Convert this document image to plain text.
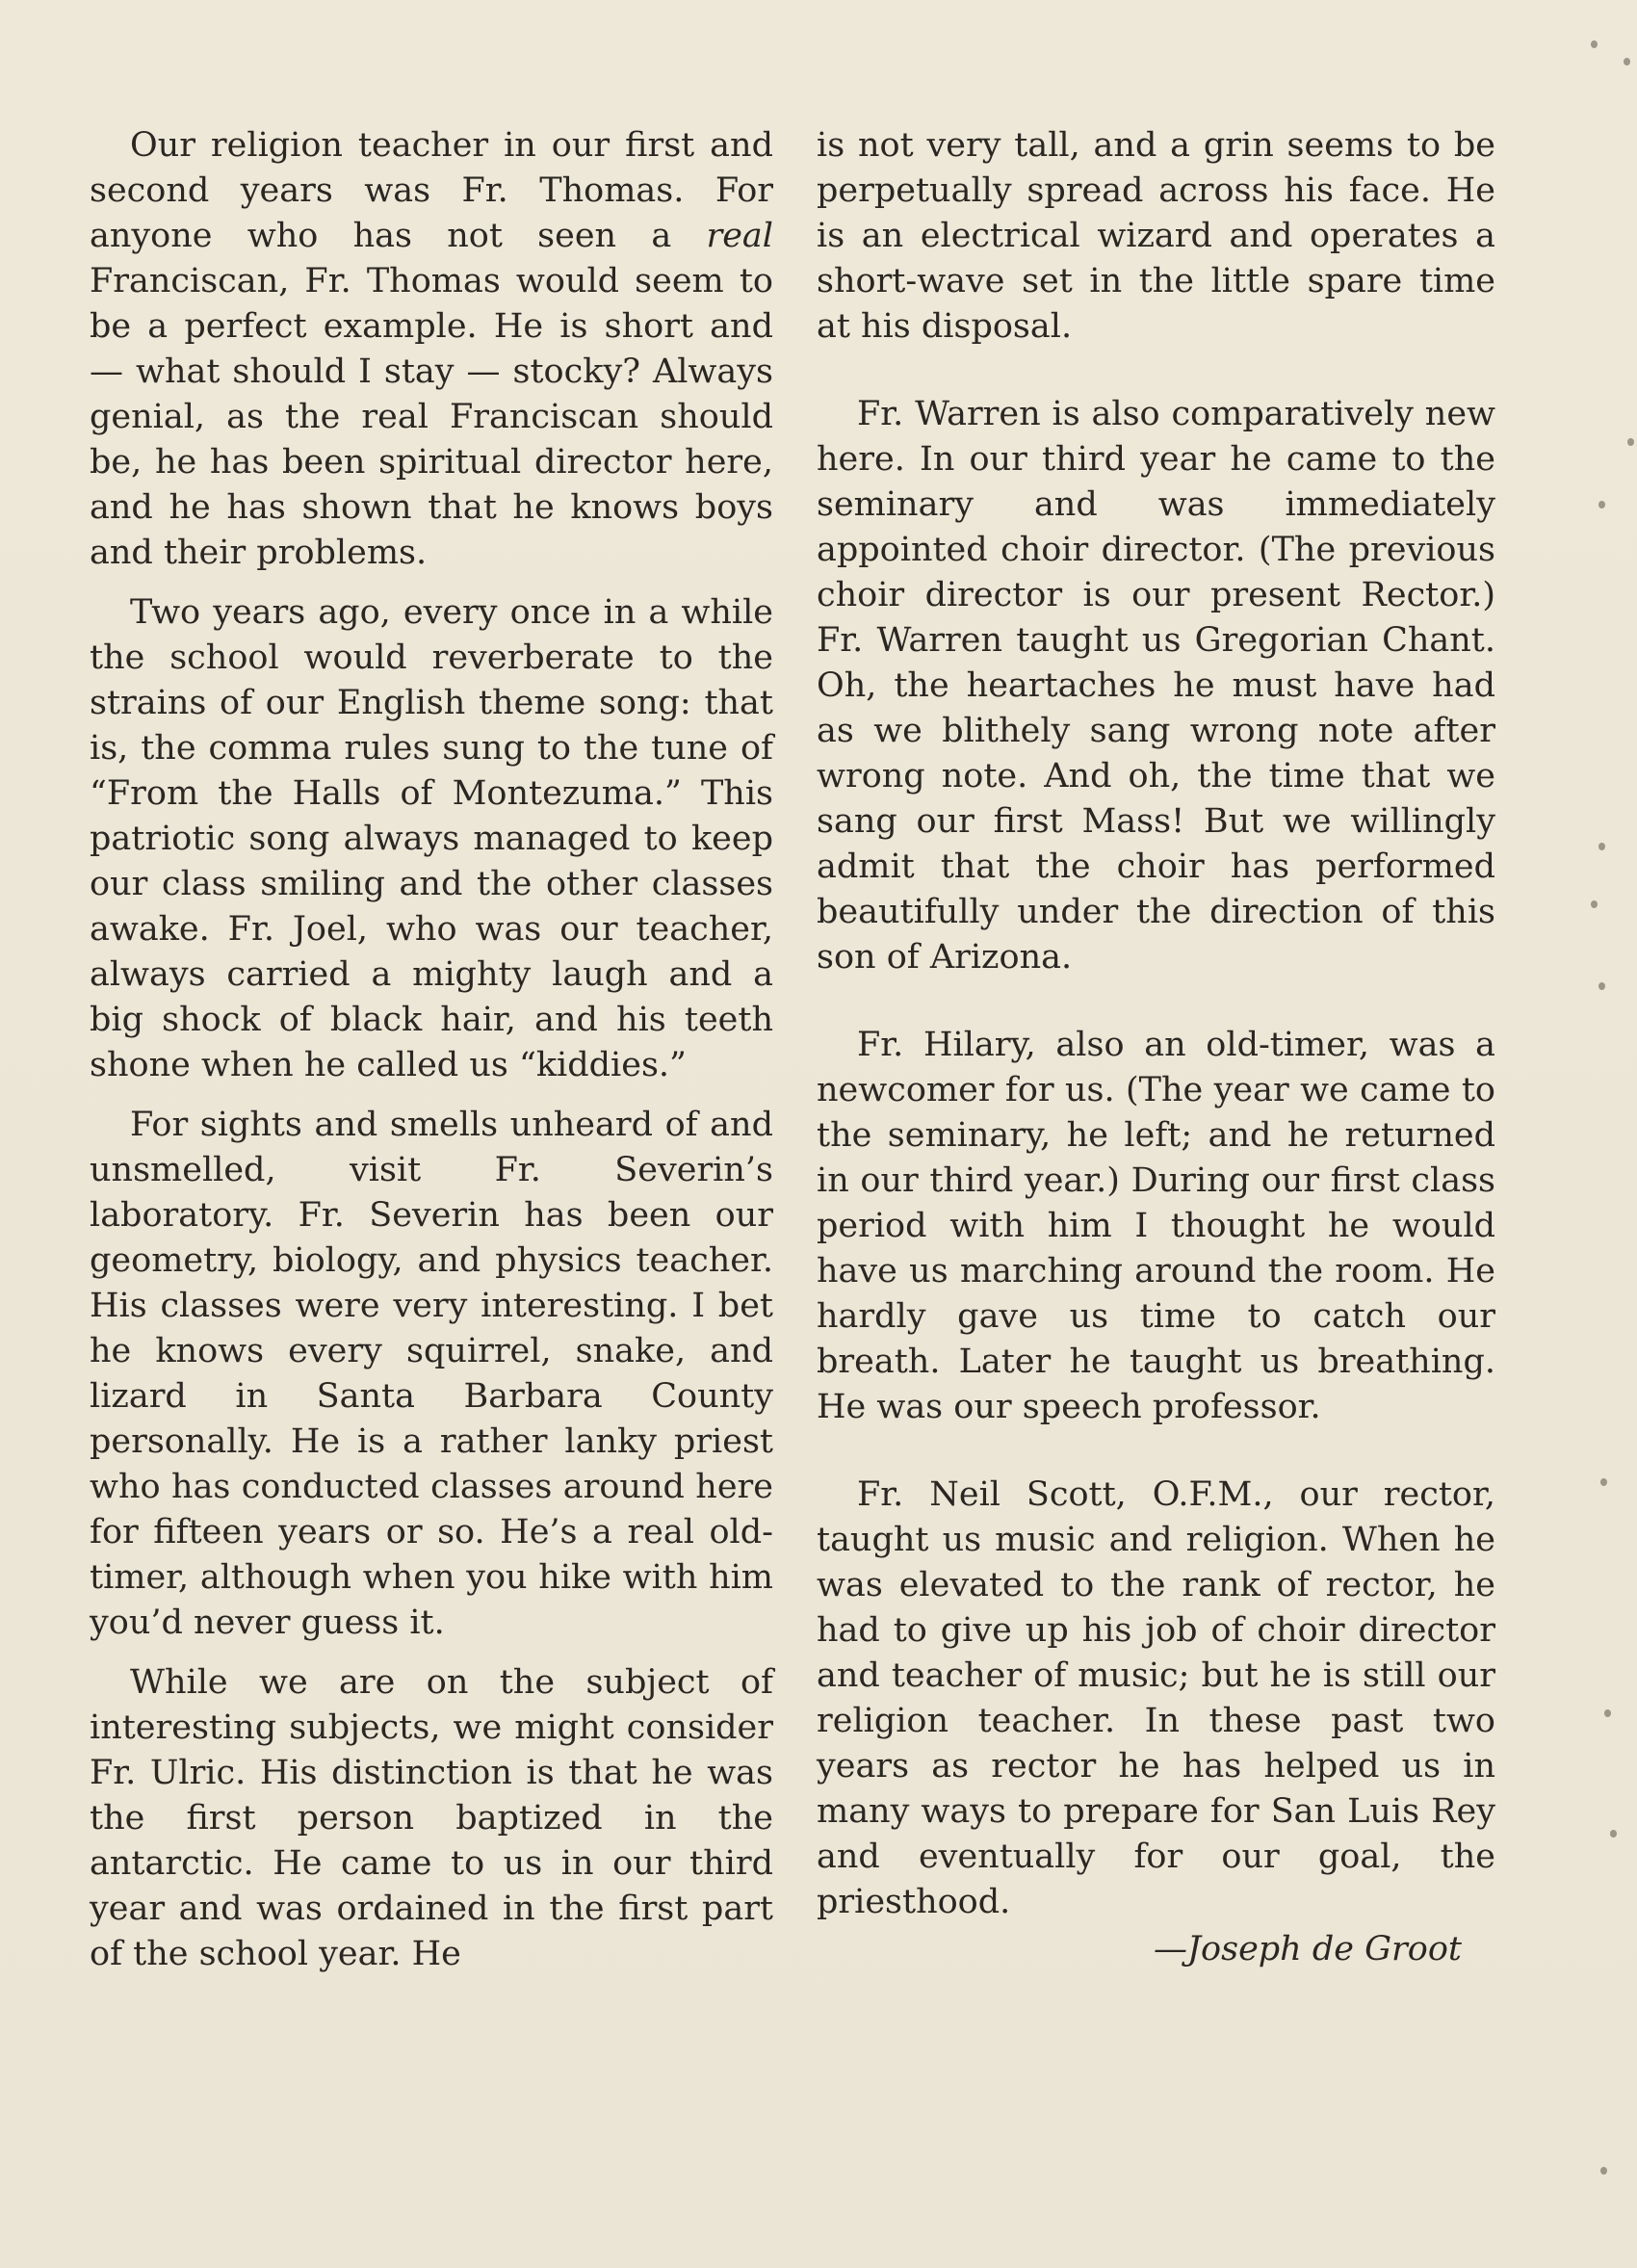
Our religion teacher in our first and second years was Fr. Thomas. For anyone who has not seen a real Franciscan, Fr. Thomas would seem to be a perfect example. He is short and — what should I stay — stocky? Always genial, as the real Franciscan should be, he has been spiritual director here, and he has shown that he knows boys and their problems.

Two years ago, every once in a while the school would reverberate to the strains of our English theme song: that is, the comma rules sung to the tune of “From the Halls of Montezuma.” This patriotic song always managed to keep our class smiling and the other classes awake. Fr. Joel, who was our teacher, always carried a mighty laugh and a big shock of black hair, and his teeth shone when he called us “kiddies.”

For sights and smells unheard of and unsmelled, visit Fr. Severin’s laboratory. Fr. Severin has been our geometry, biology, and physics teacher. His classes were very interesting. I bet he knows every squirrel, snake, and lizard in Santa Barbara County personally. He is a rather lanky priest who has conducted classes around here for fifteen years or so. He’s a real old-timer, although when you hike with him you’d never guess it.

While we are on the subject of interesting subjects, we might consider Fr. Ulric. His distinction is that he was the first person baptized in the antarctic. He came to us in our third year and was ordained in the first part of the school year. He

is not very tall, and a grin seems to be perpetually spread across his face. He is an electrical wizard and operates a short-wave set in the little spare time at his disposal.

Fr. Warren is also comparatively new here. In our third year he came to the seminary and was immediately appointed choir director. (The previous choir director is our present Rector.) Fr. Warren taught us Gregorian Chant. Oh, the heartaches he must have had as we blithely sang wrong note after wrong note. And oh, the time that we sang our first Mass! But we willingly admit that the choir has performed beautifully under the direction of this son of Arizona.

Fr. Hilary, also an old-timer, was a newcomer for us. (The year we came to the seminary, he left; and he returned in our third year.) During our first class period with him I thought he would have us marching around the room. He hardly gave us time to catch our breath. Later he taught us breathing. He was our speech professor.

Fr. Neil Scott, O.F.M., our rector, taught us music and religion. When he was elevated to the rank of rector, he had to give up his job of choir director and teacher of music; but he is still our religion teacher. In these past two years as rector he has helped us in many ways to prepare for San Luis Rey and eventually for our goal, the priesthood.

—Joseph de Groot
